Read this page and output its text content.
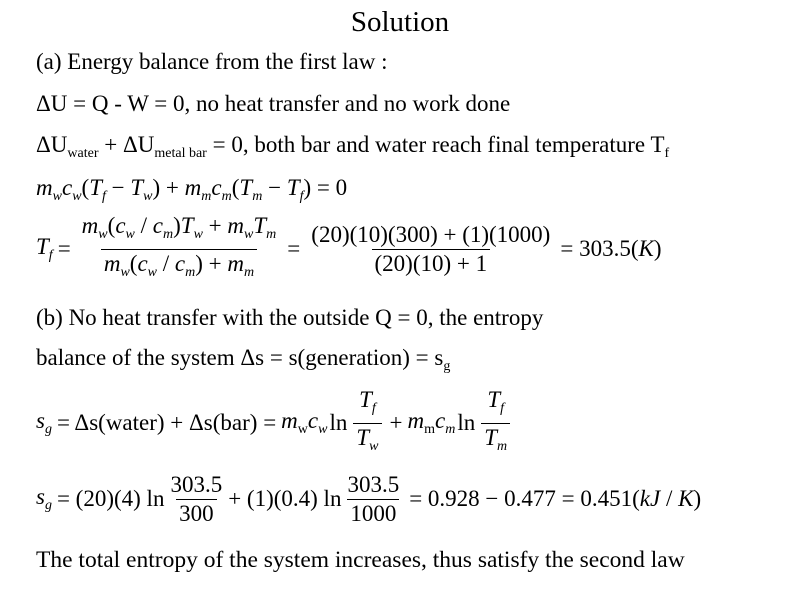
Solution
(a) Energy balance from the first law :
ΔU = Q - W = 0, no heat transfer and no work done
$\Delta U_{water} + \Delta U_{metal bar} = 0$, both bar and water reach final temperature $T_f$
$m_wc_w(T_f - T_w) + m_mc_m(T_m - T_f) = 0$
$T_f = \frac{m_w(c_w / c_m)T_w + m_wT_m}{m_w(c_w / c_m) + m_m} = \frac{(20)(10)(300) + (1)(1000)}{(20)(10) + 1} = 303.5(K)$
(b) No heat transfer with the outside Q = 0, the entropy
balance of the system Δs = s(generation) = $s_g$
$s_g$ = Δs(water) + $\Delta s(bar) = m_wc_w$ $\ln \frac{T_f}{T_w} + m_mc_m$ $\ln \frac{T_f}{T_m}$
$s_g = (20)(4)$ $\ln \frac{303.5}{300} + (1)(0.4)$ $\ln \frac{303.5}{1000} = 0.928 - 0.477 = 0.451(kJ / K)$
The total entropy of the system increases, thus satisfy the second law
